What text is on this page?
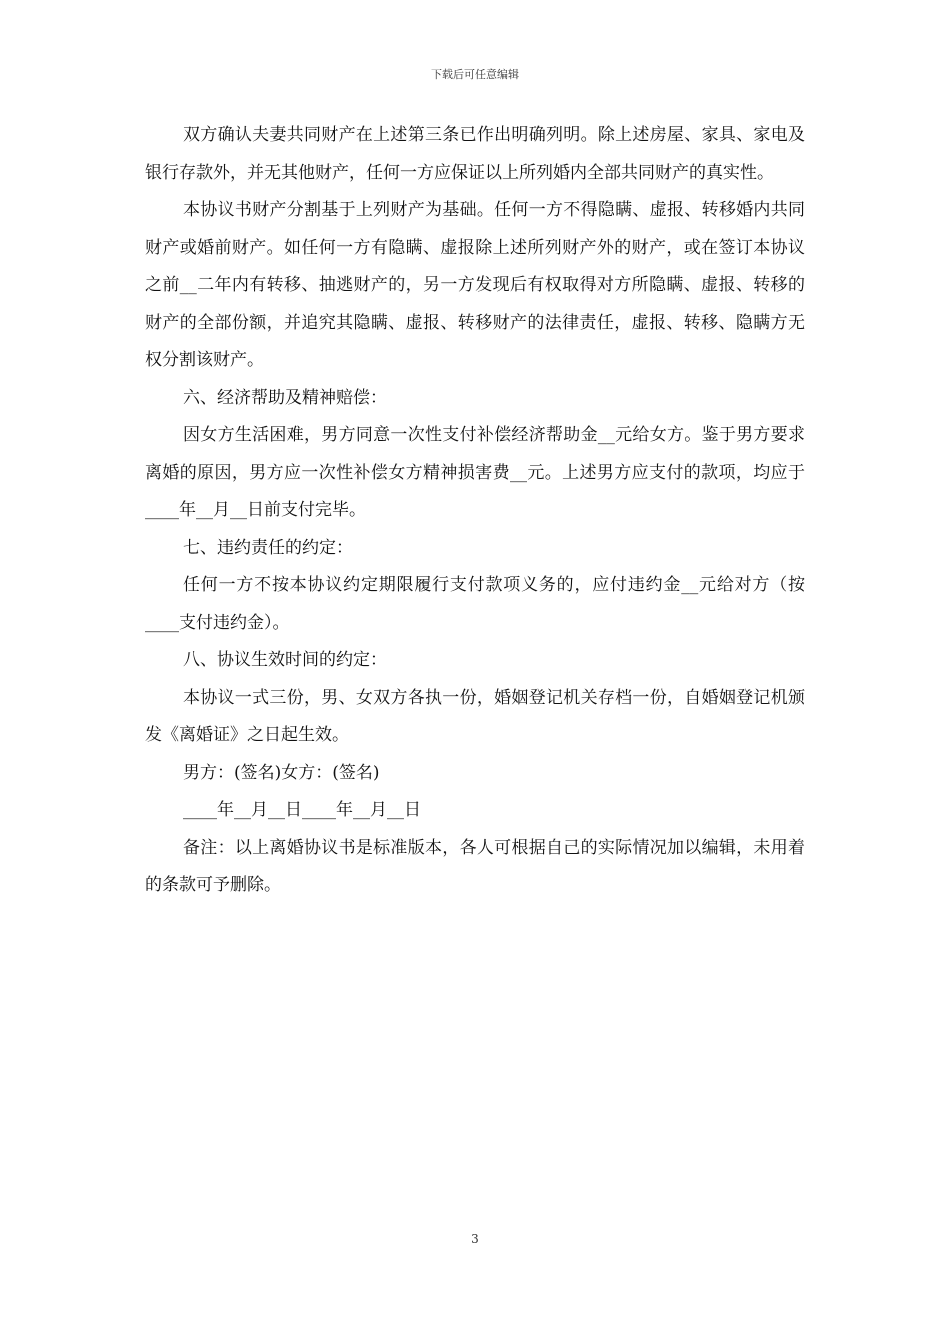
下载后可任意编辑

双方确认夫妻共同财产在上述第三条已作出明确列明。除上述房屋、家具、家电及银行存款外，并无其他财产，任何一方应保证以上所列婚内全部共同财产的真实性。

本协议书财产分割基于上列财产为基础。任何一方不得隐瞒、虚报、转移婚内共同财产或婚前财产。如任何一方有隐瞒、虚报除上述所列财产外的财产，或在签订本协议之前__二年内有转移、抽逃财产的，另一方发现后有权取得对方所隐瞒、虚报、转移的财产的全部份额，并追究其隐瞒、虚报、转移财产的法律责任，虚报、转移、隐瞒方无权分割该财产。

六、经济帮助及精神赔偿：

因女方生活困难，男方同意一次性支付补偿经济帮助金__元给女方。鉴于男方要求离婚的原因，男方应一次性补偿女方精神损害费__元。上述男方应支付的款项，均应于____年__月__日前支付完毕。

七、违约责任的约定：

任何一方不按本协议约定期限履行支付款项义务的，应付违约金__元给对方（按____支付违约金）。

八、协议生效时间的约定：

本协议一式三份，男、女双方各执一份，婚姻登记机关存档一份，自婚姻登记机颁发《离婚证》之日起生效。

男方：(签名)女方：(签名)

____年__月__日____年__月__日

备注：以上离婚协议书是标准版本，各人可根据自己的实际情况加以编辑，未用着的条款可予删除。

3
